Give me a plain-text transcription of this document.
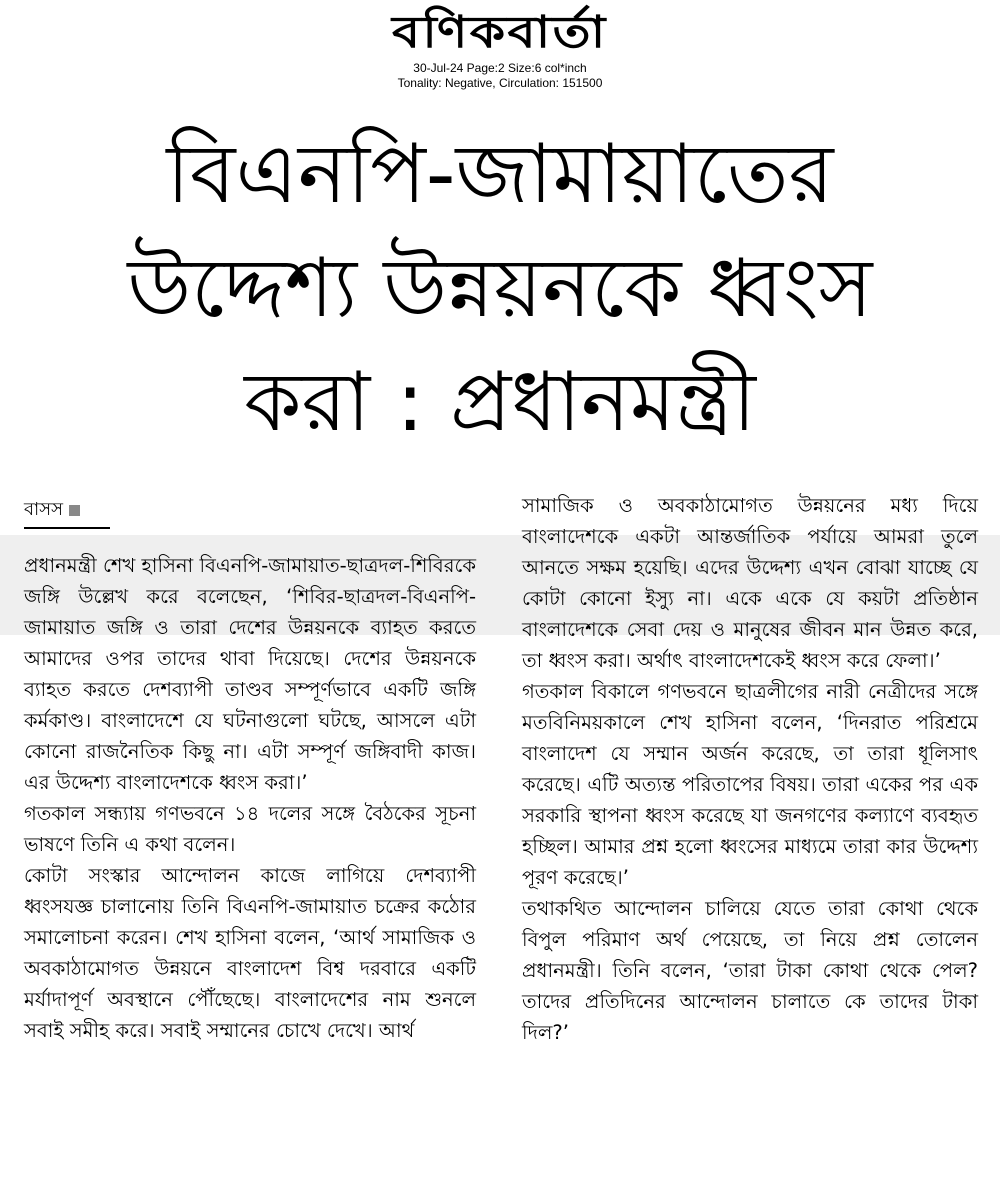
বণিকবার্তা
30-Jul-24 Page:2 Size:6 col*inch
Tonality: Negative, Circulation: 151500
বিএনপি-জামায়াতের
উদ্দেশ্য উন্নয়নকে ধ্বংস
করা : প্রধানমন্ত্রী
বাসস

প্রধানমন্ত্রী শেখ হাসিনা বিএনপি-জামায়াত-ছাত্রদল-শিবিরকে জঙ্গি উল্লেখ করে বলেছেন, ‘শিবির-ছাত্রদল-বিএনপি-জামায়াত জঙ্গি ও তারা দেশের উন্নয়নকে ব্যাহত করতে আমাদের ওপর তাদের থাবা দিয়েছে। দেশের উন্নয়নকে ব্যাহত করতে দেশব্যাপী তাণ্ডব সম্পূর্ণভাবে একটি জঙ্গি কর্মকাণ্ড। বাংলাদেশে যে ঘটনাগুলো ঘটছে, আসলে এটা কোনো রাজনৈতিক কিছু না। এটা সম্পূর্ণ জঙ্গিবাদী কাজ। এর উদ্দেশ্য বাংলাদেশকে ধ্বংস করা।’

গতকাল সন্ধ্যায় গণভবনে ১৪ দলের সঙ্গে বৈঠকের সূচনা ভাষণে তিনি এ কথা বলেন।

কোটা সংস্কার আন্দোলন কাজে লাগিয়ে দেশব্যাপী ধ্বংসযজ্ঞ চালানোয় তিনি বিএনপি-জামায়াত চক্রের কঠোর সমালোচনা করেন। শেখ হাসিনা বলেন, ‘আর্থ সামাজিক ও অবকাঠামোগত উন্নয়নে বাংলাদেশ বিশ্ব দরবারে একটি মর্যাদাপূর্ণ অবস্থানে পৌঁছেছে। বাংলাদেশের নাম শুনলে সবাই সমীহ করে। সবাই সম্মানের চোখে দেখে। আর্থ

সামাজিক ও অবকাঠামোগত উন্নয়নের মধ্য দিয়ে বাংলাদেশকে একটা আন্তর্জাতিক পর্যায়ে আমরা তুলে আনতে সক্ষম হয়েছি। এদের উদ্দেশ্য এখন বোঝা যাচ্ছে যে কোটা কোনো ইস্যু না। একে একে যে কয়টা প্রতিষ্ঠান বাংলাদেশকে সেবা দেয় ও মানুষের জীবন মান উন্নত করে, তা ধ্বংস করা। অর্থাৎ বাংলাদেশকেই ধ্বংস করে ফেলা।’

গতকাল বিকালে গণভবনে ছাত্রলীগের নারী নেত্রীদের সঙ্গে মতবিনিময়কালে শেখ হাসিনা বলেন, ‘দিনরাত পরিশ্রমে বাংলাদেশ যে সম্মান অর্জন করেছে, তা তারা ধূলিসাৎ করেছে। এটি অত্যন্ত পরিতাপের বিষয়। তারা একের পর এক সরকারি স্থাপনা ধ্বংস করেছে যা জনগণের কল্যাণে ব্যবহৃত হচ্ছিল। আমার প্রশ্ন হলো ধ্বংসের মাধ্যমে তারা কার উদ্দেশ্য পূরণ করেছে।’

তথাকথিত আন্দোলন চালিয়ে যেতে তারা কোথা থেকে বিপুল পরিমাণ অর্থ পেয়েছে, তা নিয়ে প্রশ্ন তোলেন প্রধানমন্ত্রী। তিনি বলেন, ‘তারা টাকা কোথা থেকে পেল? তাদের প্রতিদিনের আন্দোলন চালাতে কে তাদের টাকা দিল?’
